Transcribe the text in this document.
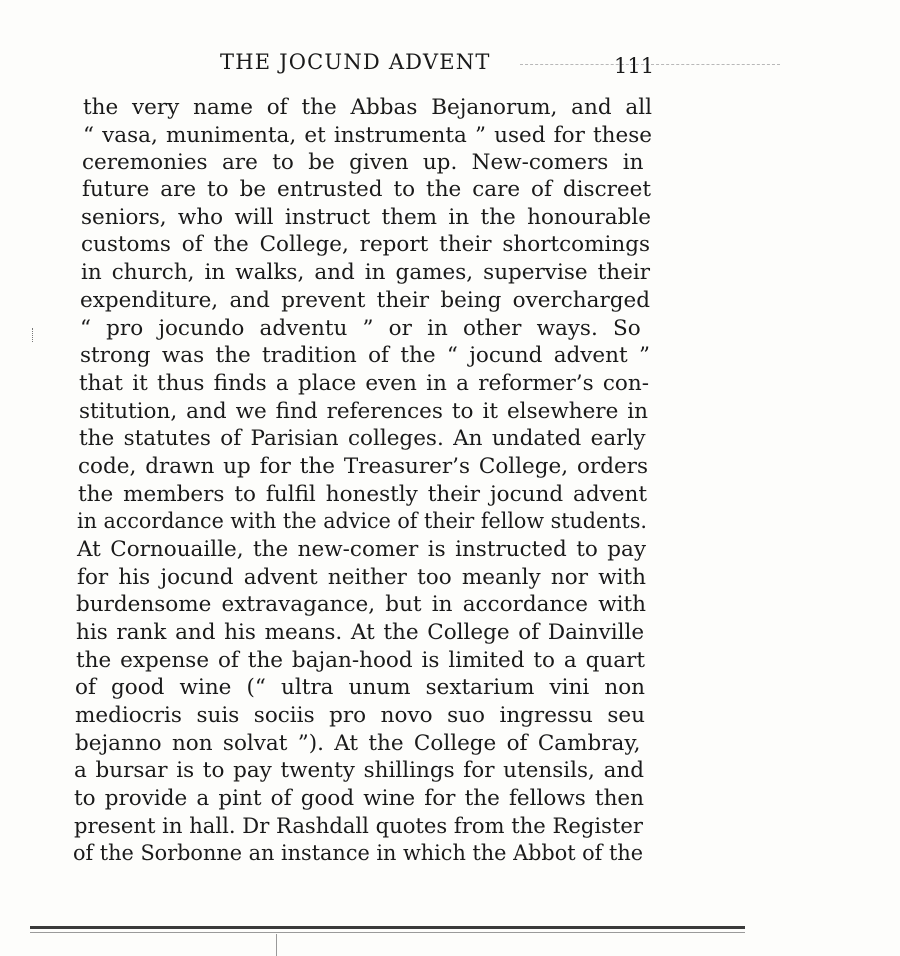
THE JOCUND ADVENT	111
the very name of the Abbas Bejanorum, and all
“ vasa, munimenta, et instrumenta ” used for these
ceremonies are to be given up. New-comers in
future are to be entrusted to the care of discreet
seniors, who will instruct them in the honourable
customs of the College, report their shortcomings
in church, in walks, and in games, supervise their
expenditure, and prevent their being overcharged
“ pro jocundo adventu ” or in other ways. So
strong was the tradition of the “ jocund advent ”
that it thus finds a place even in a reformer’s con-
stitution, and we find references to it elsewhere in
the statutes of Parisian colleges. An undated early
code, drawn up for the Treasurer’s College, orders
the members to fulfil honestly their jocund advent
in accordance with the advice of their fellow students.
At Cornouaille, the new-comer is instructed to pay
for his jocund advent neither too meanly nor with
burdensome extravagance, but in accordance with
his rank and his means. At the College of Dainville
the expense of the bajan-hood is limited to a quart
of good wine (“ ultra unum sextarium vini non
mediocris suis sociis pro novo suo ingressu seu
bejanno non solvat ”). At the College of Cambray,
a bursar is to pay twenty shillings for utensils, and
to provide a pint of good wine for the fellows then
present in hall. Dr Rashdall quotes from the Register
of the Sorbonne an instance in which the Abbot of the
